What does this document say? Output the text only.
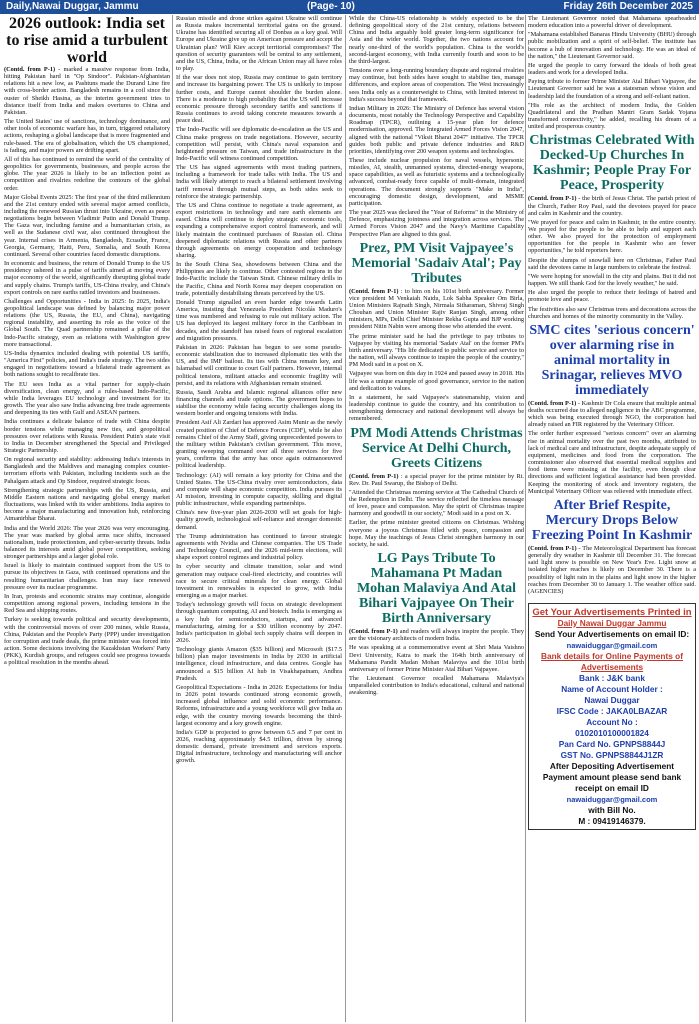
Daily,Nawai Duggar, Jammu	(Page- 10)	Friday 26th December 2025
2026 outlook: India set to rise amid a turbulent world

(Contd. from P-1) - marked a massive response from India, hitting Pakistan hard in "Op Sindoor". Pakistan-Afghanistan relations hit a new low, as Pashtuns made the Durand Line fire with cross-border action. Bangladesh remains in a coil since the ouster of Sheikh Hasina, as the interim government tries to distance itself from India and makes overtures to China and Pakistan.

The United States' use of sanctions, technology dominance, and other tools of economic warfare has, in turn, triggered retaliatory actions, reshaping a global landscape that is more fragmented and rule-based. The era of globalisation, which the US championed, is fading, and major powers are drifting apart.

All of this has continued to remind the world of the centrality of geopolitics for governments, businesses, and people across the globe. The year 2026 is likely to be an inflection point as competition and rivalries redefine the contours of the global order.

Major Global Events 2025: The first year of the third millennium and the 21st century ended with several major armed conflicts, including the renewed Russian thrust into Ukraine, even as peace negotiations begin between Vladimir Putin and Donald Trump. The Gaza war, including famine and a humanitarian crisis, as well as the Sudanese civil war, also continued throughout the year. Internal crises in Armenia, Bangladesh, Ecuador, France, Georgia, Germany, Haiti, Peru, Somalia, and South Korea continued. Several other countries faced domestic disruptions.

In economic and business, the return of Donald Trump to the US presidency ushered in a pulse of tariffs aimed at moving every major economy of the world, significantly disrupting global trade and supply chains. Trump's tariffs, US-China rivalry, and China's export controls on rare earths rattled investors and businesses.

Challenges and Opportunities - India in 2025: In 2025, India's geopolitical landscape was defined by balancing major power relations (the US, Russia, the EU, and China), navigating regional instability, and asserting its role as the voice of the Global South. The Quad partnership remained a pillar of the Indo-Pacific strategy, even as relations with Washington grew more transactional.

US-India dynamics included dealing with potential US tariffs, "America First" policies, and India's trade strategy. The two sides engaged in negotiations toward a bilateral trade agreement as both nations sought to recalibrate ties.

The EU sees India as a vital partner for supply-chain diversification, clean energy, and a rules-based Indo-Pacific, while India leverages EU technology and investment for its growth. The year also saw India advancing free trade agreements and deepening its ties with Gulf and ASEAN partners.

India continues a delicate balance of trade with China despite border tensions while managing new ties, and geopolitical pressures over relations with Russia. President Putin's state visit to India in December strengthened the Special and Privileged Strategic Partnership.

On regional security and stability: addressing India's interests in Bangladesh and the Maldives and managing complex counter-terrorism efforts with Pakistan, including incidents such as the Pahalgam attack and Op Sindoor, required strategic focus.

Strengthening strategic partnerships with the US, Russia, and Middle Eastern nations and navigating global energy market fluctuations, was linked with its wider ambitions. India aspires to become a major manufacturing and innovation hub, reinforcing Atmanirbhar Bharat.

India and the World 2026: The year 2026 was very encouraging. The year was marked by global arms race shifts, increased nationalism, trade protectionism, and cyber-security threats. India balanced its interests amid global power competition, seeking stronger partnerships and a larger global role.

Israel is likely to maintain continued support from the US to pursue its objectives in Gaza, with continued operations and the resulting humanitarian challenges. Iran may face renewed pressure over its nuclear programme.

In Iran, protests and economic strains may continue, alongside competition among regional powers, including tensions in the Red Sea and shipping routes.

Turkey is seeking towards political and security developments, with the controversial moves of over 200 mines, while Russia, China, Pakistan and the People's Party (PPP) under investigation for corruption and trade deals, the prime minister was forced into action. Some decisions involving the Kazakhstan Workers' Party (PKK), Kurdish groups, and refugees could see progress towards a political resolution in the months ahead.

Russian missile and drone strikes against Ukraine will continue as Russia makes incremental territorial gains on the ground. Ukraine has identified securing all of Donbas as a key goal. Will Europe and Ukraine give up on American pressure and accept the Ukrainian plan? Will Kiev accept territorial compromises? The question of security guarantees will be central to any settlement, and the US, China, India, or the African Union may all have roles to play.

If the war does not stop, Russia may continue to gain territory and increase its bargaining power. The US is unlikely to impose further costs, and Europe cannot shoulder the burden alone. There is a moderate to high probability that the US will increase economic pressure through secondary tariffs and sanctions if Russia continues to avoid taking concrete measures towards a peace deal.

The Indo-Pacific will see diplomatic de-escalation as the US and China make progress on trade negotiations. However, security competition will persist, with China's naval expansion and heightened pressure on Taiwan, and trade infrastructure in the Indo-Pacific will witness continued competition.

The US has signed agreements with most trading partners, including a framework for trade talks with India. The US and India will likely attempt to reach a bilateral settlement involving tariff removal through mutual steps, as both sides seek to reinforce the strategic partnership.

The US and China continue to negotiate a trade agreement, as export restrictions in technology and rare earth elements are eased. China will continue to deploy strategic economic tools, expanding a comprehensive export control framework, and will likely maintain the continued purchases of Russian oil. China deepened diplomatic relations with Russia and other partners through agreements on energy cooperation and technology sharing.

In the South China Sea, showdowns between China and the Philippines are likely to continue. Other contested regions in the Indo-Pacific include the Taiwan Strait. Chinese military drills in the Pacific, China and North Korea may deepen cooperation on trade, potentially destabilising threats perceived by the US.

Donald Trump signalled an even harder edge towards Latin America, insisting that Venezuela President Nicolás Maduro's time was numbered and refusing to rule out military action. The US has deployed its largest military force in the Caribbean in decades, and the standoff has raised fears of regional escalation and migration pressures.

Pakistan in 2026: Pakistan has begun to see some pseudo-economic stabilization due to increased diplomatic ties with the US, and the IMF bailout. Its ties with China remain key, and Islamabad will continue to court Gulf partners. However, internal political tensions, militant attacks and economic fragility will persist, and its relations with Afghanistan remain strained.

Russia, Saudi Arabia and Islamic regional alliances offer new financing channels and trade options. The government hopes to stabilise the economy while facing security challenges along its western border and ongoing tensions with India.

President Asif Ali Zardari has approved Asim Munir as the newly created position of Chief of Defence Forces (CDF), while he also remains Chief of the Army Staff, giving unprecedented powers to the military within Pakistan's civilian government. This move, granting sweeping command over all three services for five years, confirms that the army has once again outmanoeuvred political leadership.

Technology: (AI) will remain a key priority for China and the United States. The US-China rivalry over semiconductors, data and compute will shape economic competition. India pursues its AI mission, investing in compute capacity, skilling and digital public infrastructure, while expanding partnerships.

China's new five-year plan 2026-2030 will set goals for high-quality growth, technological self-reliance and stronger domestic demand.

The Trump administration has continued to favour strategic agreements with Nvidia and Chinese companies. The US Trade and Technology Council, and the 2026 mid-term elections, will shape export control regimes and industrial policy.

In cyber security and climate transition, solar and wind generation may outpace coal-fired electricity, and countries will race to secure critical minerals for clean energy. Global investment in renewables is expected to grow, with India emerging as a major market.

Today's technology growth will focus on strategic development through quantum computing, AI and biotech. India is emerging as a key hub for semiconductors, startups, and advanced manufacturing, aiming for a $30 trillion economy by 2047. India's participation in global tech supply chains will deepen in 2026.

Technology giants Amazon ($35 billion) and Microsoft ($17.5 billion) plan major investments in India by 2030 in artificial intelligence, cloud infrastructure, and data centres. Google has announced a $15 billion AI hub in Visakhapatnam, Andhra Pradesh.

Geopolitical Expectations - India in 2026: Expectations for India in 2026 point towards continued strong economic growth, increased global influence and solid economic performance. Reforms, infrastructure and a young workforce will give India an edge, with the country moving towards becoming the third-largest economy and a key growth engine.

India's GDP is projected to grow between 6.5 and 7 per cent in 2026, reaching approximately $4.5 trillion, driven by strong domestic demand, private investment and services exports. Digital infrastructure, technology and manufacturing will anchor growth.

While the China-US relationship is widely expected to be the defining geopolitical story of the 21st century, relations between China and India arguably hold greater long-term significance for Asia and the wider world. Together, the two nations account for nearly one-third of the world's population. China is the world's second-largest economy, with India currently fourth and soon to be the third-largest.

Tensions over a long-running boundary dispute and regional rivalries may continue, but both sides have sought to stabilise ties, manage differences, and explore areas of cooperation. The West increasingly sees India only as a counterweight to China, with limited interest in India's success beyond that framework.

Indian Military in 2026: The Ministry of Defence has several vision documents, most notably the Technology Perspective and Capability Roadmap (TPCR), outlining a 15-year plan for defence modernisation, approved. The Integrated Armed Forces Vision 2047, aligned with the national "Viksit Bharat 2047" initiative. The TPCR guides both public and private defence industries and R&D priorities, identifying over 200 weapon systems and technologies.

These include nuclear propulsion for naval vessels, hypersonic missiles, AI, stealth, unmanned systems, directed-energy weapons, space capabilities, as well as futuristic systems and a technologically advanced, combat-ready force capable of multi-domain, integrated operations. The document strongly supports "Make in India", encouraging domestic design, development, and MSME participation.

The year 2025 was declared the "Year of Reforms" in the Ministry of Defence, emphasizing jointness and integration across services. The Armed Forces Vision 2047 and the Navy's Maritime Capability Perspective Plan are aligned to this goal.

Prez, PM Visit Vajpayee's Memorial 'Sadaiv Atal'; Pay Tributes

(Contd. from P-1) : to him on his 101st birth anniversary. Former vice president M Venkaiah Naidu, Lok Sabha Speaker Om Birla, Union Ministers Rajnath Singh, Nirmala Sitharaman, Shivraj Singh Chouhan and Union Minister Rajiv Ranjan Singh, among other ministers, MPs, Delhi Chief Minister Rekha Gupta and BJP working president Nitin Nabin were among those who attended the event.

The prime minister said he had the privilege to pay tributes to Vajpayee by visiting his memorial 'Sadaiv Atal' on the former PM's birth anniversary. "His life dedicated to public service and service to the nation, will always continue to inspire the people of the country," PM Modi said in a post on X.

Vajpayee was born on this day in 1924 and passed away in 2018. His life was a unique example of good governance, service to the nation and dedication to values.

In a statement, he said Vajpayee's statesmanship, vision and leadership continue to guide the country, and his contribution to strengthening democracy and national development will always be remembered.

PM Modi Attends Christmas Service At Delhi Church, Greets Citizens

(Contd. from P-1) : a special prayer for the prime minister by Rt. Rev. Dr. Paul Swarup, the Bishop of Delhi.

"Attended the Christmas morning service at The Cathedral Church of the Redemption in Delhi. The service reflected the timeless message of love, peace and compassion. May the spirit of Christmas inspire harmony and goodwill in our society," Modi said in a post on X.

Earlier, the prime minister greeted citizens on Christmas. Wishing everyone a joyous Christmas filled with peace, compassion and hope. May the teachings of Jesus Christ strengthen harmony in our society, he said.

LG Pays Tribute To Mahamana Pt Madan Mohan Malaviya And Atal Bihari Vajpayee On Their Birth Anniversary

(Contd. from P-1) and readers will always inspire the people. They are the visionary architects of modern India.

He was speaking at a commemorative event at Shri Mata Vaishno Devi University, Katra to mark the 164th birth anniversary of Mahamana Pandit Madan Mohan Malaviya and the 101st birth anniversary of former Prime Minister Atal Bihari Vajpayee.

The Lieutenant Governor recalled Mahamana Malaviya's unparalleled contribution to India's educational, cultural and national awakening.

The Lieutenant Governor noted that Mahamana spearheaded modern education into a powerful driver of development.

"Mahamana established Banaras Hindu University (BHU) through public mobilization and a spirit of self-belief. The institute has become a hub of innovation and technology. He was an ideal of the nation," the Lieutenant Governor said.

He urged the people to carry forward the ideals of both great leaders and work for a developed India.

Paying tribute to former Prime Minister Atal Bihari Vajpayee, the Lieutenant Governor said he was a statesman whose vision and leadership laid the foundation of a strong and self-reliant nation.

"His role as the architect of modern India, the Golden Quadrilateral and the Pradhan Mantri Gram Sadak Yojana transformed connectivity," he added, recalling his dream of a united and prosperous country.

Christmas Celebrated With Decked-Up Churches In Kashmir; People Pray For Peace, Prosperity

(Contd. from P-1) - the birth of Jesus Christ. The parish priest of the Church, Father Roy Paul, said the devotees prayed for peace and calm in Kashmir and the country.

"We prayed for peace and calm in Kashmir, in the entire country. We prayed for the people to be able to help and support each other. We also prayed for the protection of employment opportunities for the people in Kashmir who are fewer opportunities," he told reporters here.

Despite the slumps of snowfall here on Christmas, Father Paul said the devotees came in large numbers to celebrate the festival.

"We were hoping for snowfall in the city and plains. But it did not happen. We still thank God for the lovely weather," he said.

He also urged the people to reduce their feelings of hatred and promote love and peace.

The festivities also saw Christmas trees and decorations across the churches and homes of the minority community in the Valley.

SMC cites 'serious concern' over alarming rise in animal mortality in Srinagar, relieves MVO immediately

(Contd. from P-1) - Kashmir Dr Cola ensure that multiple animal deaths occurred due to alleged negligence in the ABC programme, which was being executed through NGO, the corporation had already raised an FIR registered by the Veterinary Officer.

The order further expressed "serious concern" over an alarming rise in animal mortality over the past two months, attributed to lack of medical care and infrastructure, despite adequate supply of equipment, medicines and food from the corporation. The commissioner also observed that essential medical supplies and food items were missing at the facility, even though clear directions and sufficient logistical assistance had been provided. Keeping the monitoring of stock and inventory registers, the Municipal Veterinary Officer was relieved with immediate effect.

After Brief Respite, Mercury Drops Below Freezing Point In Kashmir

(Contd. from P-1) - The Meteorological Department has forecast generally dry weather in Kashmir till December 31. The forecast said light snow is possible on New Year's Eve. Light snow at isolated higher reaches is likely on December 30. There is a possibility of light rain in the plains and light snow in the higher reaches from December 30 to January 1. The weather office said. (AGENCIES)

Get Your Advertisements Printed in
Daily Nawai Duggar Jammu
Send Your Advertisements on email ID:
nawaiduggar@gmail.com
Bank details for Online Payments of Advertisements
Bank : J&K bank
Name of Account Holder :
Nawai Duggar
IFSC Code : JAKA0LBAZAR
Account No :
0102010100001824
Pan Card No. GPNPS8844J
GST No. GPNPS8844J1ZR
After Depositing Advertisement Payment amount please send bank receipt on email ID
nawaiduggar@gmail.com
with Bill No.
M : 09419146379.
